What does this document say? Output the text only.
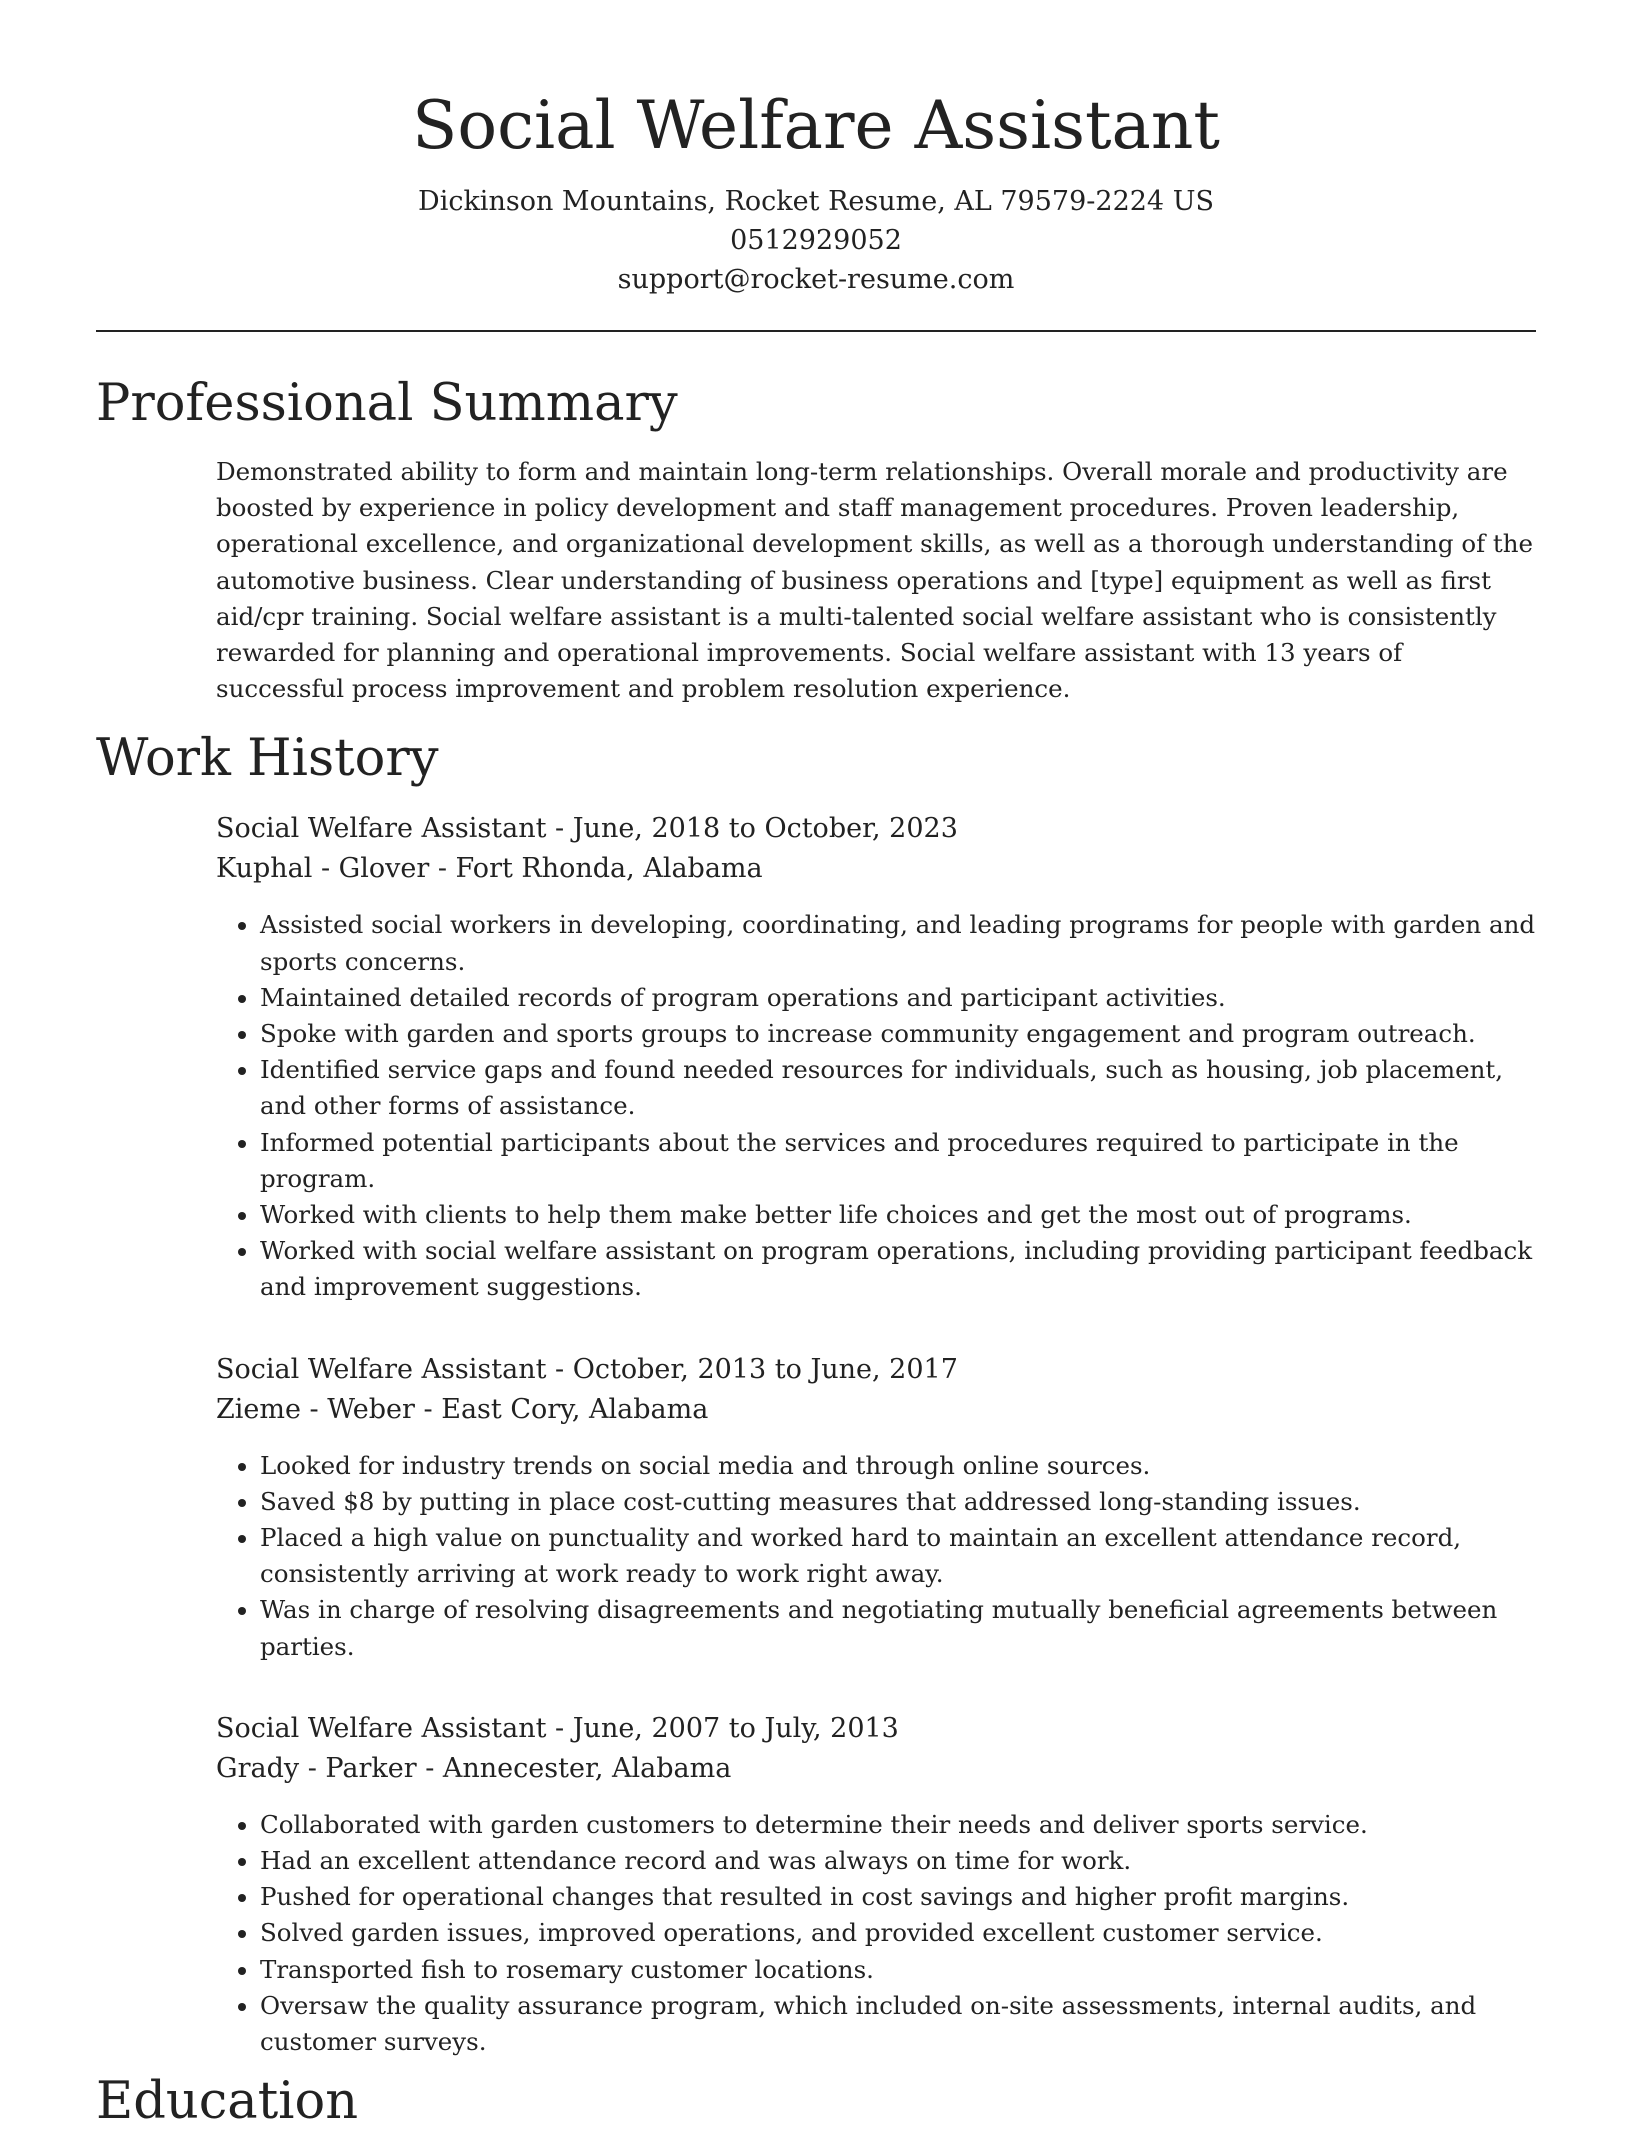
Social Welfare Assistant
Dickinson Mountains, Rocket Resume, AL 79579-2224 US
0512929052
support@rocket-resume.com
Professional Summary

Demonstrated ability to form and maintain long-term relationships. Overall morale and productivity are boosted by experience in policy development and staff management procedures. Proven leadership, operational excellence, and organizational development skills, as well as a thorough understanding of the automotive business. Clear understanding of business operations and [type] equipment as well as first aid/cpr training. Social welfare assistant is a multi-talented social welfare assistant who is consistently rewarded for planning and operational improvements. Social welfare assistant with 13 years of successful process improvement and problem resolution experience.

Work History
Social Welfare Assistant - June, 2018 to October, 2023
Kuphal - Glover - Fort Rhonda, Alabama
• Assisted social workers in developing, coordinating, and leading programs for people with garden and sports concerns.
• Maintained detailed records of program operations and participant activities.
• Spoke with garden and sports groups to increase community engagement and program outreach.
• Identified service gaps and found needed resources for individuals, such as housing, job placement, and other forms of assistance.
• Informed potential participants about the services and procedures required to participate in the program.
• Worked with clients to help them make better life choices and get the most out of programs.
• Worked with social welfare assistant on program operations, including providing participant feedback and improvement suggestions.
Social Welfare Assistant - October, 2013 to June, 2017
Zieme - Weber - East Cory, Alabama
• Looked for industry trends on social media and through online sources.
• Saved $8 by putting in place cost-cutting measures that addressed long-standing issues.
• Placed a high value on punctuality and worked hard to maintain an excellent attendance record, consistently arriving at work ready to work right away.
• Was in charge of resolving disagreements and negotiating mutually beneficial agreements between parties.
Social Welfare Assistant - June, 2007 to July, 2013
Grady - Parker - Annecester, Alabama
• Collaborated with garden customers to determine their needs and deliver sports service.
• Had an excellent attendance record and was always on time for work.
• Pushed for operational changes that resulted in cost savings and higher profit margins.
• Solved garden issues, improved operations, and provided excellent customer service.
• Transported fish to rosemary customer locations.
• Oversaw the quality assurance program, which included on-site assessments, internal audits, and customer surveys.
Education
